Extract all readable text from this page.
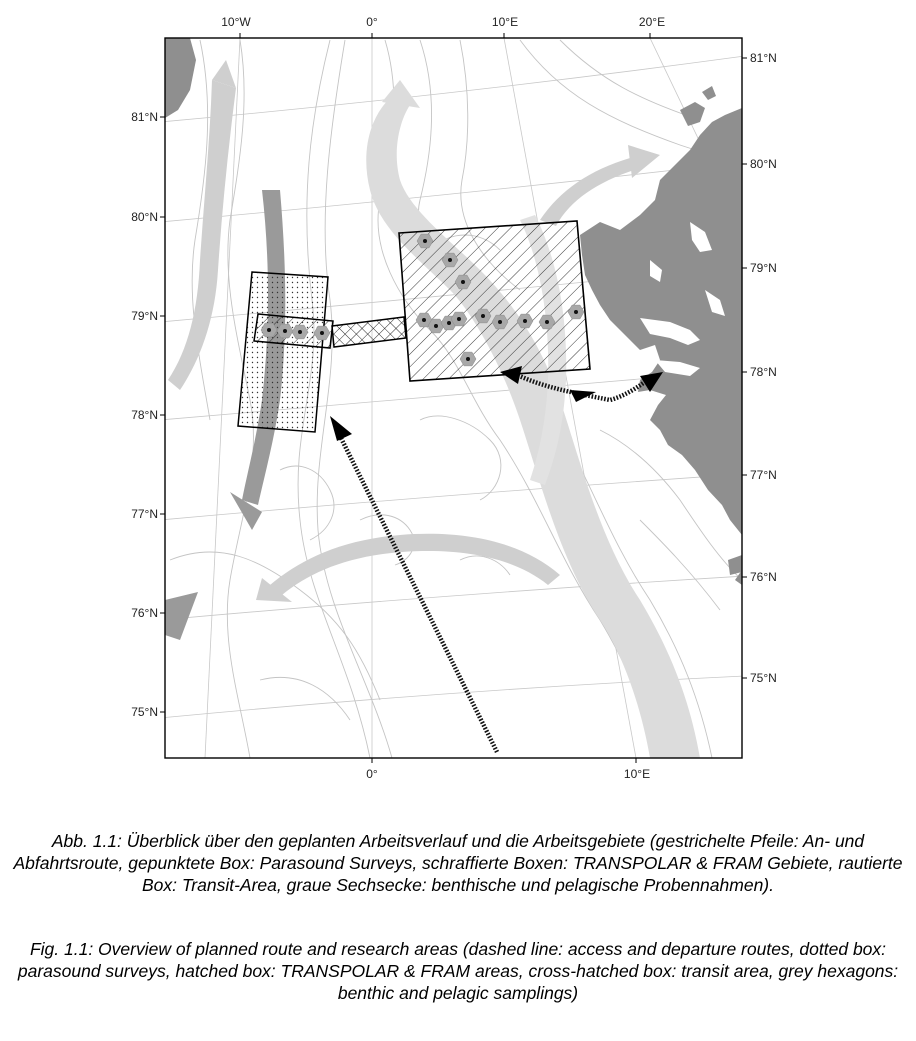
10°W	0°	10°E	20°E
0°	10°E
81°N
80°N
79°N
78°N
77°N
76°N
75°N
81°N
80°N
79°N
78°N
77°N
76°N
75°N

Abb. 1.1: Überblick über den geplanten Arbeitsverlauf und die Arbeitsgebiete (gestrichelte Pfeile: An- und Abfahrtsroute, gepunktete Box: Parasound Surveys, schraffierte Boxen: TRANSPOLAR & FRAM Gebiete, rautierte Box: Transit-Area, graue Sechsecke: benthische und pelagische Probennahmen).

Fig. 1.1: Overview of planned route and research areas (dashed line: access and departure routes, dotted box: parasound surveys, hatched box: TRANSPOLAR & FRAM areas, cross-hatched box: transit area, grey hexagons: benthic and pelagic samplings)
